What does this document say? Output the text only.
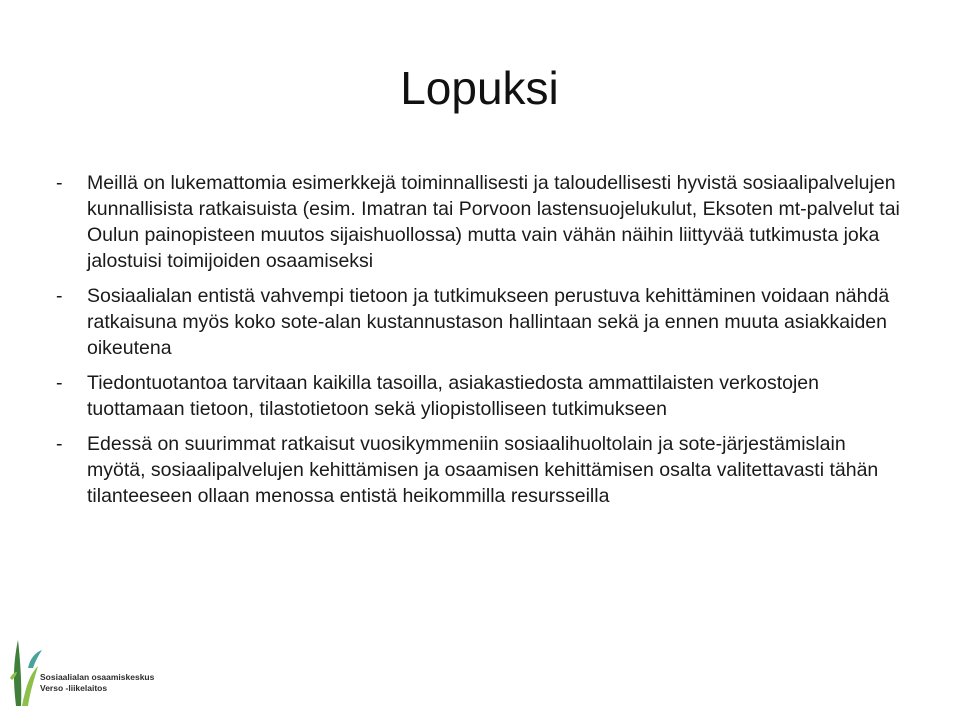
Lopuksi
-	Meillä on lukemattomia esimerkkejä toiminnallisesti ja taloudellisesti hyvistä sosiaalipalvelujen kunnallisista ratkaisuista (esim. Imatran tai Porvoon lastensuojelukulut, Eksoten mt-palvelut tai Oulun painopisteen muutos sijaishuollossa) mutta vain vähän näihin liittyvää tutkimusta joka jalostuisi toimijoiden osaamiseksi
-	Sosiaalialan entistä vahvempi tietoon ja tutkimukseen perustuva kehittäminen voidaan nähdä ratkaisuna myös koko sote-alan kustannustason hallintaan sekä ja ennen muuta asiakkaiden oikeutena
-	Tiedontuotantoa tarvitaan kaikilla tasoilla, asiakastiedosta ammattilaisten verkostojen tuottamaan tietoon, tilastotietoon sekä yliopistolliseen tutkimukseen
-	Edessä on suurimmat ratkaisut vuosikymmeniin sosiaalihuoltolain ja sote-järjestämislain myötä, sosiaalipalvelujen kehittämisen ja osaamisen kehittämisen osalta valitettavasti tähän tilanteeseen ollaan menossa entistä heikommilla resursseilla
Sosiaalialan osaamiskeskus
Verso -liikelaitos
